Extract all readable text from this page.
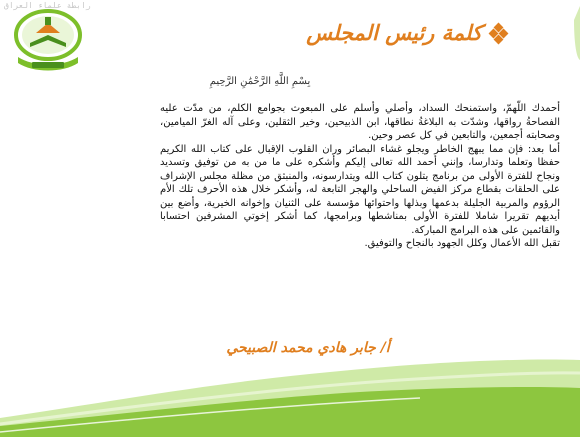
رابطة علماء العراق
كلمة رئيس المجلس
بِسْمِ اللَّهِ الرَّحْمَٰنِ الرَّحِيمِ

أحمدك اللّهمّ، واستمنحك السداد، وأصلي وأسلم على المبعوث بجوامع الكلم، من مدّت عليه الفصاحةُ رواقها، وشدّت به البلاغةُ نطاقها، ابن الذبيحين، وخير الثقلين، وعلى آله الغرّ الميامين، وصحابته أجمعين، والتابعين في كل عصر وحين.

أما بعد: فإن مما يبهج الخاطر ويجلو غشاء البصائر وران القلوب الإقبال على كتاب الله الكريم حفظا وتعلما وتدارسا، وإنني أحمد الله تعالى إليكم وأشكره على ما من به من توفيق وتسديد ونجاح للفترة الأولى من برنامج يتلون كتاب الله ويتدارسونه، والمنبثق من مظلة مجلس الإشراف على الحلقات بقطاع مركز الفيض الساحلي والهجر التابعة له، وأشكر خلال هذه الأحرف تلك الأم الرؤوم والمربية الجليلة بدعمها وبذلها واحتوائها مؤسسة على الثنيان وإخوانه الخيرية، وأضع بين أيديهم تقريرا شاملا للفترة الأولى بمناشطها وبرامجها، كما أشكر إخوتي المشرفين احتسابا والقائمين على هذه البرامج المباركة.

تقبل الله الأعمال وكلل الجهود بالنجاح والتوفيق.

أ/ جابر هادي محمد الصبيحي
